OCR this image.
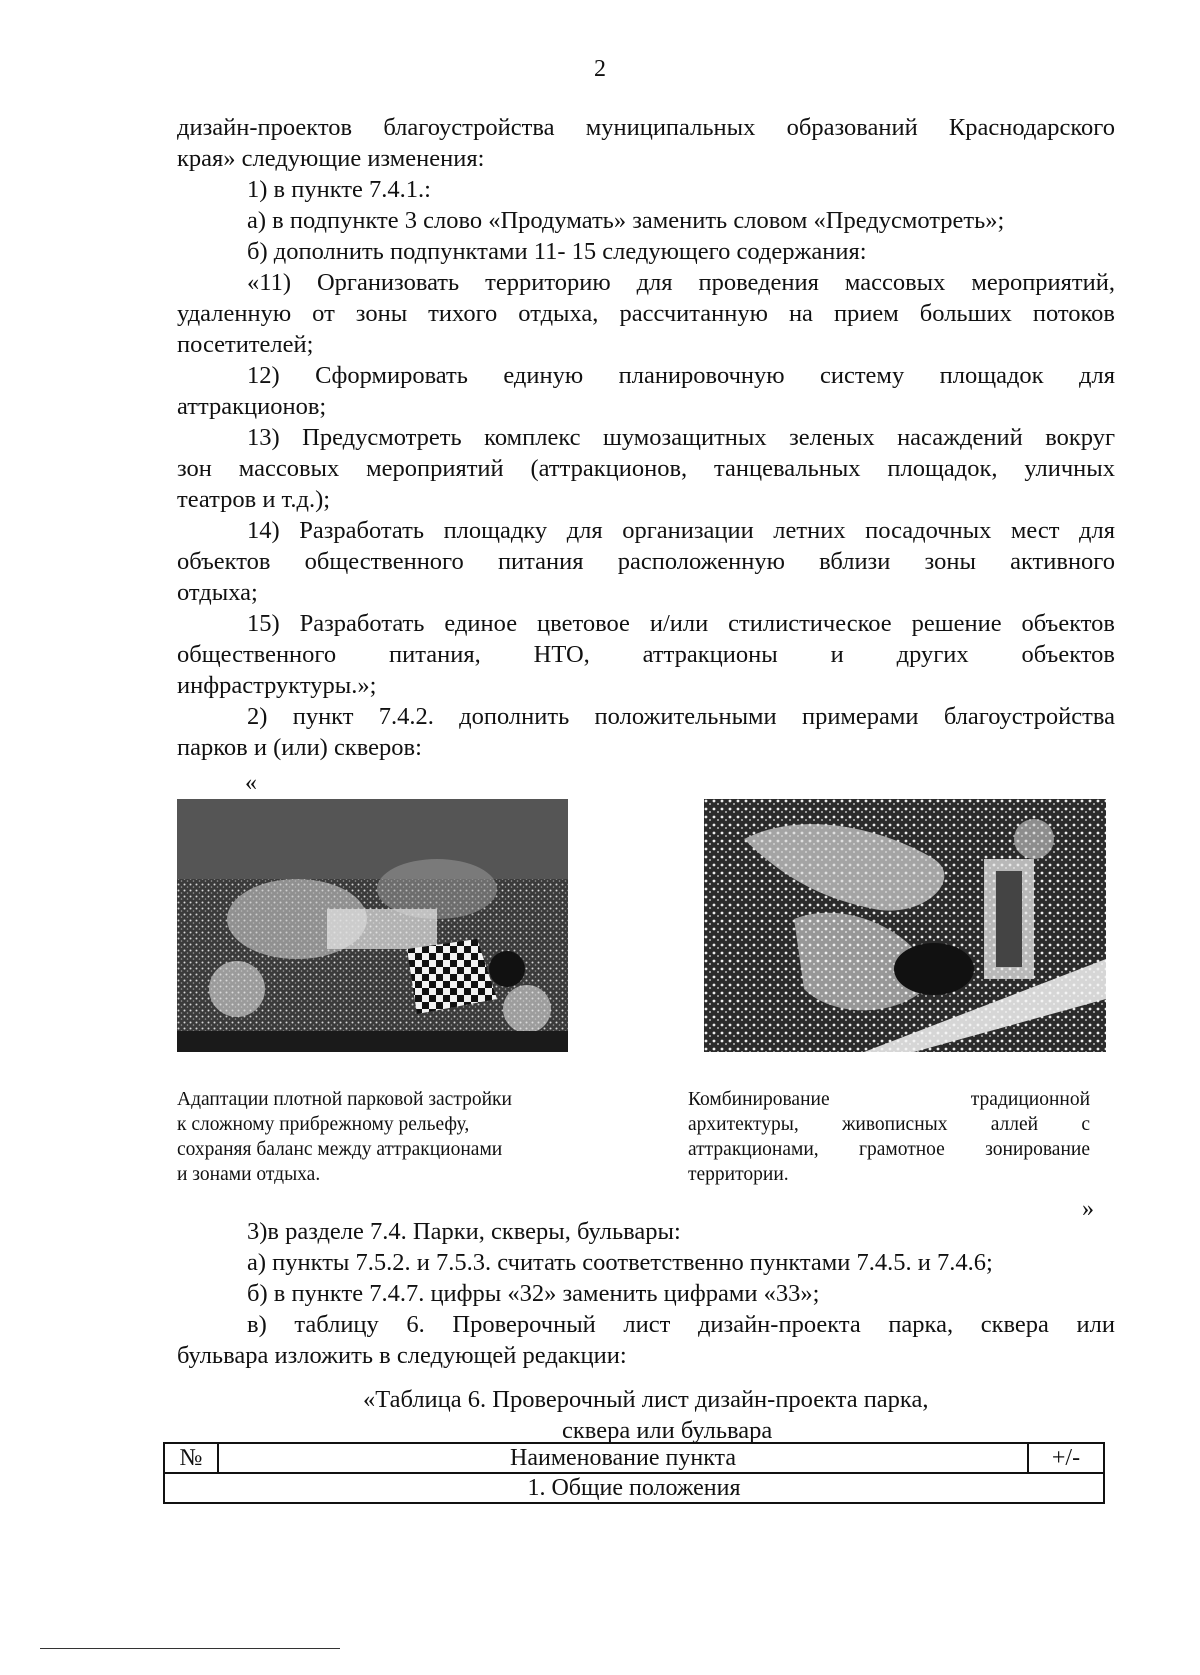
2

дизайн-проектов благоустройства муниципальных образований Краснодарского

края» следующие изменения:

1) в пункте 7.4.1.:

а) в подпункте 3 слово «Продумать» заменить словом «Предусмотреть»;

б) дополнить подпунктами 11- 15 следующего содержания:

«11) Организовать территорию для проведения массовых мероприятий,

удаленную от зоны тихого отдыха, рассчитанную на прием больших потоков

посетителей;

12) Сформировать единую планировочную систему площадок для

аттракционов;

13) Предусмотреть комплекс шумозащитных зеленых насаждений вокруг

зон массовых мероприятий (аттракционов, танцевальных площадок, уличных

театров и т.д.);

14) Разработать площадку для организации летних посадочных мест для

объектов общественного питания расположенную вблизи зоны активного

отдыха;

15) Разработать единое цветовое и/или стилистическое решение объектов

общественного питания, НТО, аттракционы и других объектов

инфраструктуры.»;

2) пункт 7.4.2. дополнить положительными примерами благоустройства

парков и (или) скверов:

«

Адаптации плотной парковой застройки

к сложному прибрежному рельефу,

сохраняя баланс между аттракционами

и зонами отдыха.

Комбинирование традиционной

архитектуры, живописных аллей с

аттракционами, грамотное зонирование

территории.

»

3)в разделе 7.4. Парки, скверы, бульвары:

а) пункты 7.5.2. и 7.5.3. считать соответственно пунктами 7.4.5. и 7.4.6;

б) в пункте 7.4.7. цифры «32» заменить цифрами «33»;

в) таблицу 6. Проверочный лист дизайн-проекта парка, сквера или

бульвара изложить в следующей редакции:

«Таблица 6. Проверочный лист дизайн-проекта парка,

сквера или бульвара

№	Наименование пункта	+/-
1. Общие положения
